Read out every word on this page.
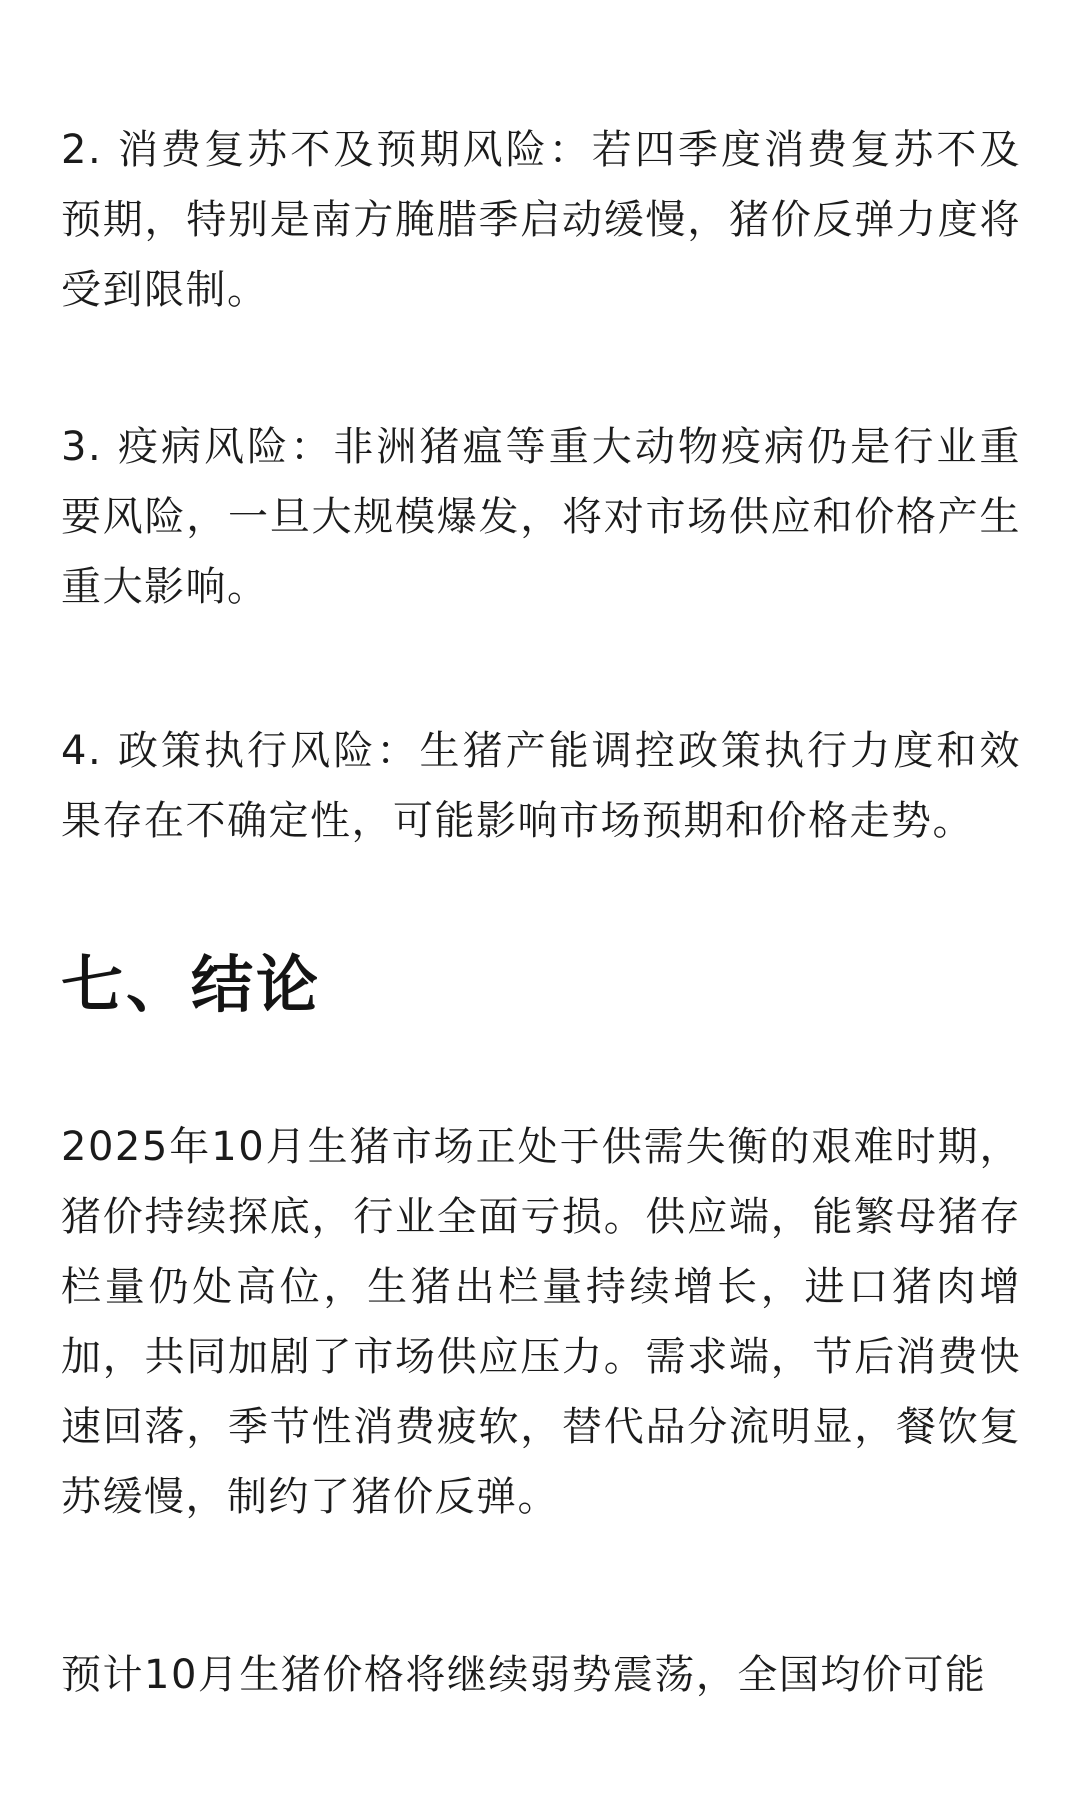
2. 消费复苏不及预期风险：若四季度消费复苏不及预期，特别是南方腌腊季启动缓慢，猪价反弹力度将受到限制。

3. 疫病风险：非洲猪瘟等重大动物疫病仍是行业重要风险，一旦大规模爆发，将对市场供应和价格产生重大影响。

4. 政策执行风险：生猪产能调控政策执行力度和效果存在不确定性，可能影响市场预期和价格走势。

七、结论

2025年10月生猪市场正处于供需失衡的艰难时期，猪价持续探底，行业全面亏损。供应端，能繁母猪存栏量仍处高位，生猪出栏量持续增长，进口猪肉增加，共同加剧了市场供应压力。需求端，节后消费快速回落，季节性消费疲软，替代品分流明显，餐饮复苏缓慢，制约了猪价反弹。

预计10月生猪价格将继续弱势震荡，全国均价可能
